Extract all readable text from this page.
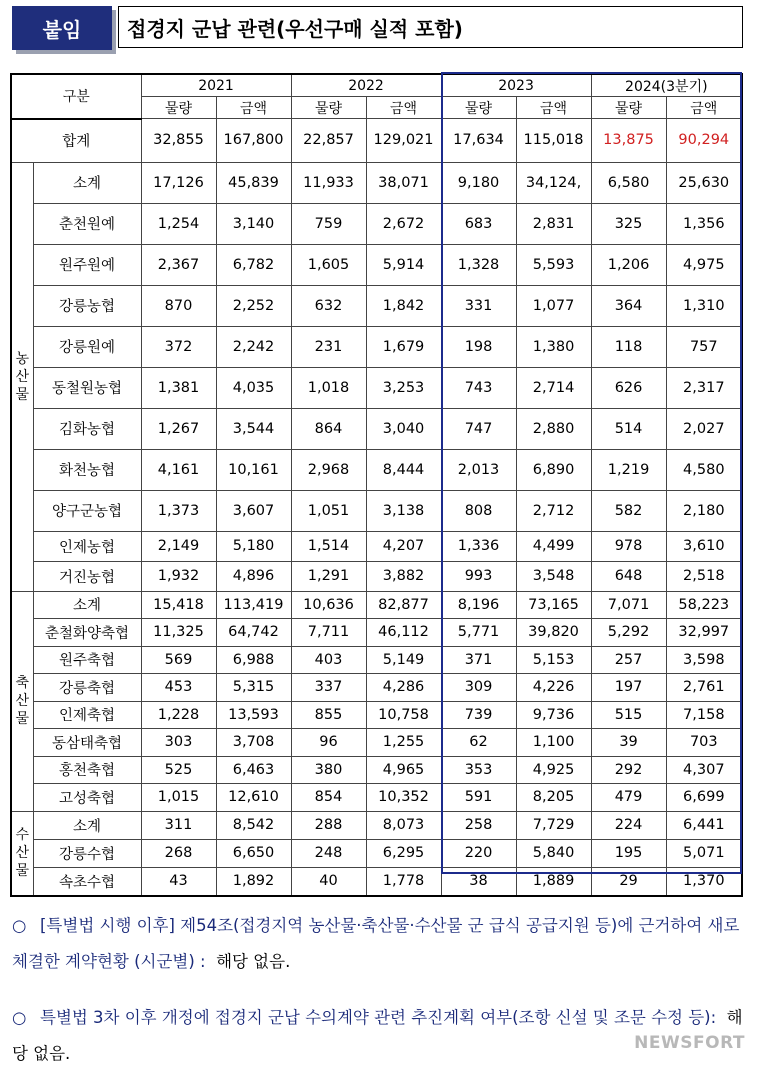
붙임	접경지 군납 관련(우선구매 실적 포함)
구분		2021		2022		2023		2024(3분기)	
		물량	금액	물량	금액	물량	금액	물량	금액
합계		32,855	167,800	22,857	129,021	17,634	115,018	13,875	90,294
농산물	소계	17,126	45,839	11,933	38,071	9,180	34,124,	6,580	25,630
	춘천원예	1,254	3,140	759	2,672	683	2,831	325	1,356
	원주원예	2,367	6,782	1,605	5,914	1,328	5,593	1,206	4,975
	강릉농협	870	2,252	632	1,842	331	1,077	364	1,310
	강릉원예	372	2,242	231	1,679	198	1,380	118	757
	동철원농협	1,381	4,035	1,018	3,253	743	2,714	626	2,317
	김화농협	1,267	3,544	864	3,040	747	2,880	514	2,027
	화천농협	4,161	10,161	2,968	8,444	2,013	6,890	1,219	4,580
	양구군농협	1,373	3,607	1,051	3,138	808	2,712	582	2,180
	인제농협	2,149	5,180	1,514	4,207	1,336	4,499	978	3,610
	거진농협	1,932	4,896	1,291	3,882	993	3,548	648	2,518
축산물	소계	15,418	113,419	10,636	82,877	8,196	73,165	7,071	58,223
	춘철화양축협	11,325	64,742	7,711	46,112	5,771	39,820	5,292	32,997
	원주축협	569	6,988	403	5,149	371	5,153	257	3,598
	강릉축협	453	5,315	337	4,286	309	4,226	197	2,761
	인제축협	1,228	13,593	855	10,758	739	9,736	515	7,158
	동삼태축협	303	3,708	96	1,255	62	1,100	39	703
	홍천축협	525	6,463	380	4,965	353	4,925	292	4,307
	고성축협	1,015	12,610	854	10,352	591	8,205	479	6,699
수산물	소계	311	8,542	288	8,073	258	7,729	224	6,441
	강릉수협	268	6,650	248	6,295	220	5,840	195	5,071
	속초수협	43	1,892	40	1,778	38	1,889	29	1,370
○ [특별법 시행 이후] 제54조(접경지역 농산물·축산물·수산물 군 급식 공급지원 등)에 근거하여 새로 체결한 계약현황 (시군별) : 해당 없음.
○ 특별법 3차 이후 개정에 접경지 군납 수의계약 관련 추진계획 여부(조항 신설 및 조문 수정 등): 해당 없음.
NEWSFORT
